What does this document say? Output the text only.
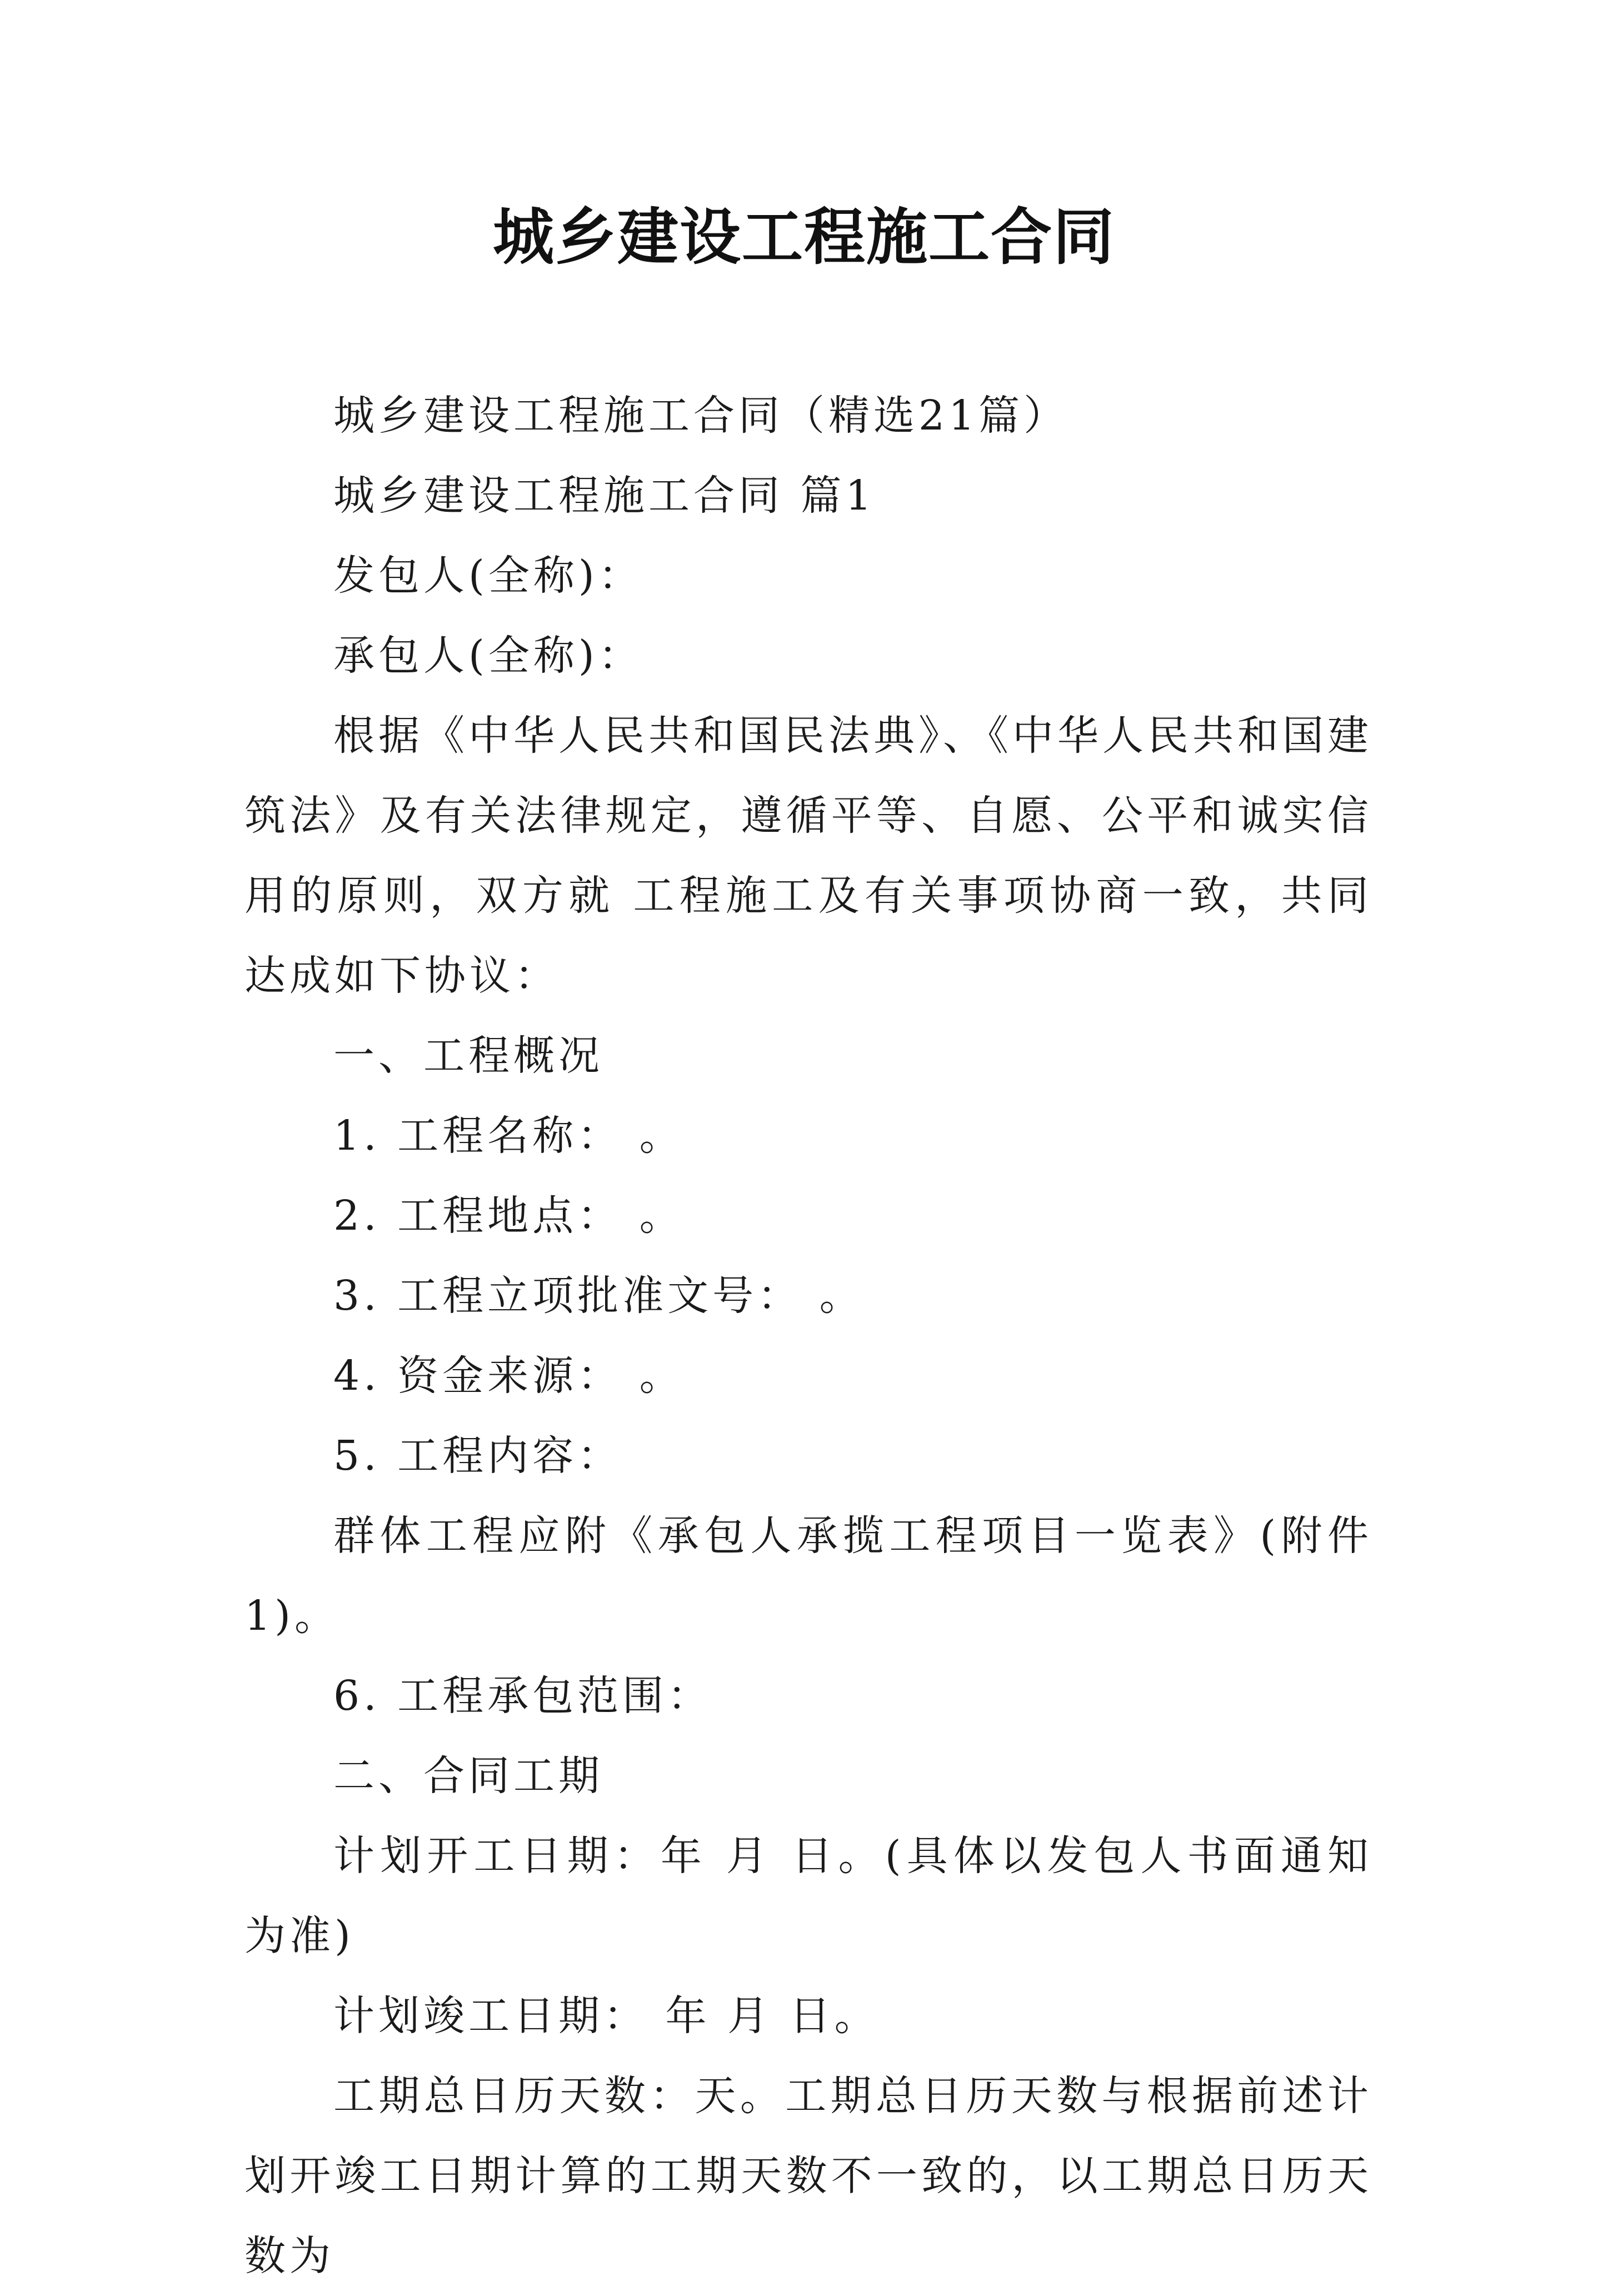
城乡建设工程施工合同

城乡建设工程施工合同（精选21篇）

城乡建设工程施工合同 篇1

发包人(全称)：

承包人(全称)：

根据《中华人民共和国民法典》、《中华人民共和国建筑法》及有关法律规定，遵循平等、自愿、公平和诚实信用的原则，双方就 工程施工及有关事项协商一致，共同达成如下协议：

一、工程概况

1. 工程名称： 。

2. 工程地点： 。

3. 工程立项批准文号： 。

4. 资金来源： 。

5. 工程内容：

群体工程应附《承包人承揽工程项目一览表》(附件1)。

6. 工程承包范围：

二、合同工期

计划开工日期：年 月 日。(具体以发包人书面通知为准)

计划竣工日期： 年 月 日。

工期总日历天数：天。工期总日历天数与根据前述计划开竣工日期计算的工期天数不一致的，以工期总日历天数为
